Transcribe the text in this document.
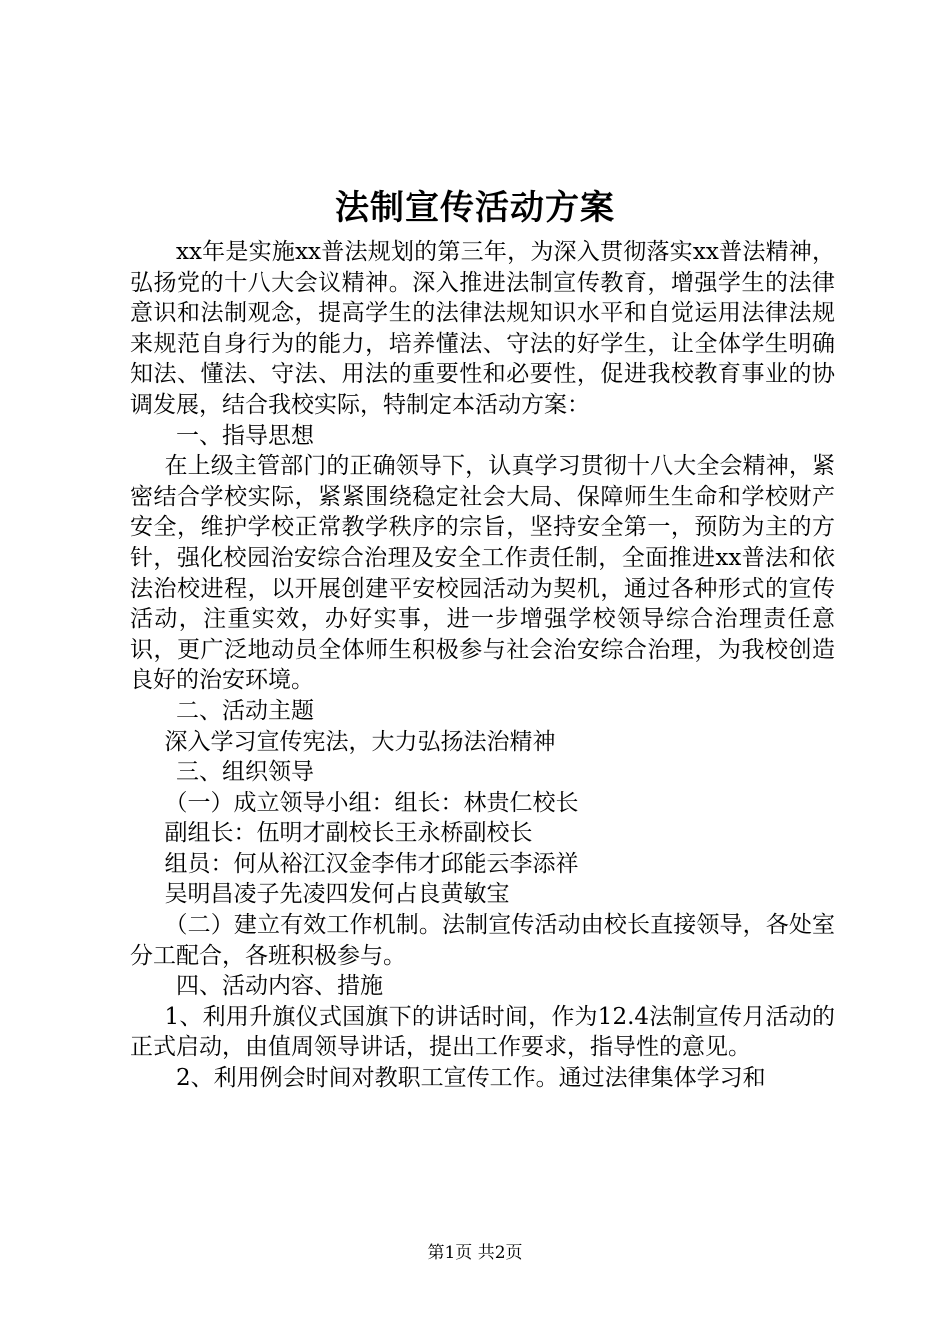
法制宣传活动方案

xx年是实施xx普法规划的第三年，为深入贯彻落实xx普法精神，弘扬党的十八大会议精神。深入推进法制宣传教育，增强学生的法律意识和法制观念，提高学生的法律法规知识水平和自觉运用法律法规来规范自身行为的能力，培养懂法、守法的好学生，让全体学生明确知法、懂法、守法、用法的重要性和必要性，促进我校教育事业的协调发展，结合我校实际，特制定本活动方案：

一、指导思想

在上级主管部门的正确领导下，认真学习贯彻十八大全会精神，紧密结合学校实际，紧紧围绕稳定社会大局、保障师生生命和学校财产安全，维护学校正常教学秩序的宗旨，坚持安全第一，预防为主的方针，强化校园治安综合治理及安全工作责任制，全面推进xx普法和依法治校进程，以开展创建平安校园活动为契机，通过各种形式的宣传活动，注重实效，办好实事，进一步增强学校领导综合治理责任意识，更广泛地动员全体师生积极参与社会治安综合治理，为我校创造良好的治安环境。

二、活动主题

深入学习宣传宪法，大力弘扬法治精神

三、组织领导

（一）成立领导小组：组长：林贵仁校长

副组长：伍明才副校长王永桥副校长

组员：何从裕江汉金李伟才邱能云李添祥

吴明昌凌子先凌四发何占良黄敏宝

（二）建立有效工作机制。法制宣传活动由校长直接领导，各处室分工配合，各班积极参与。

四、活动内容、措施

1、利用升旗仪式国旗下的讲话时间，作为12.4法制宣传月活动的正式启动，由值周领导讲话，提出工作要求，指导性的意见。

2、利用例会时间对教职工宣传工作。通过法律集体学习和

第1页 共2页
